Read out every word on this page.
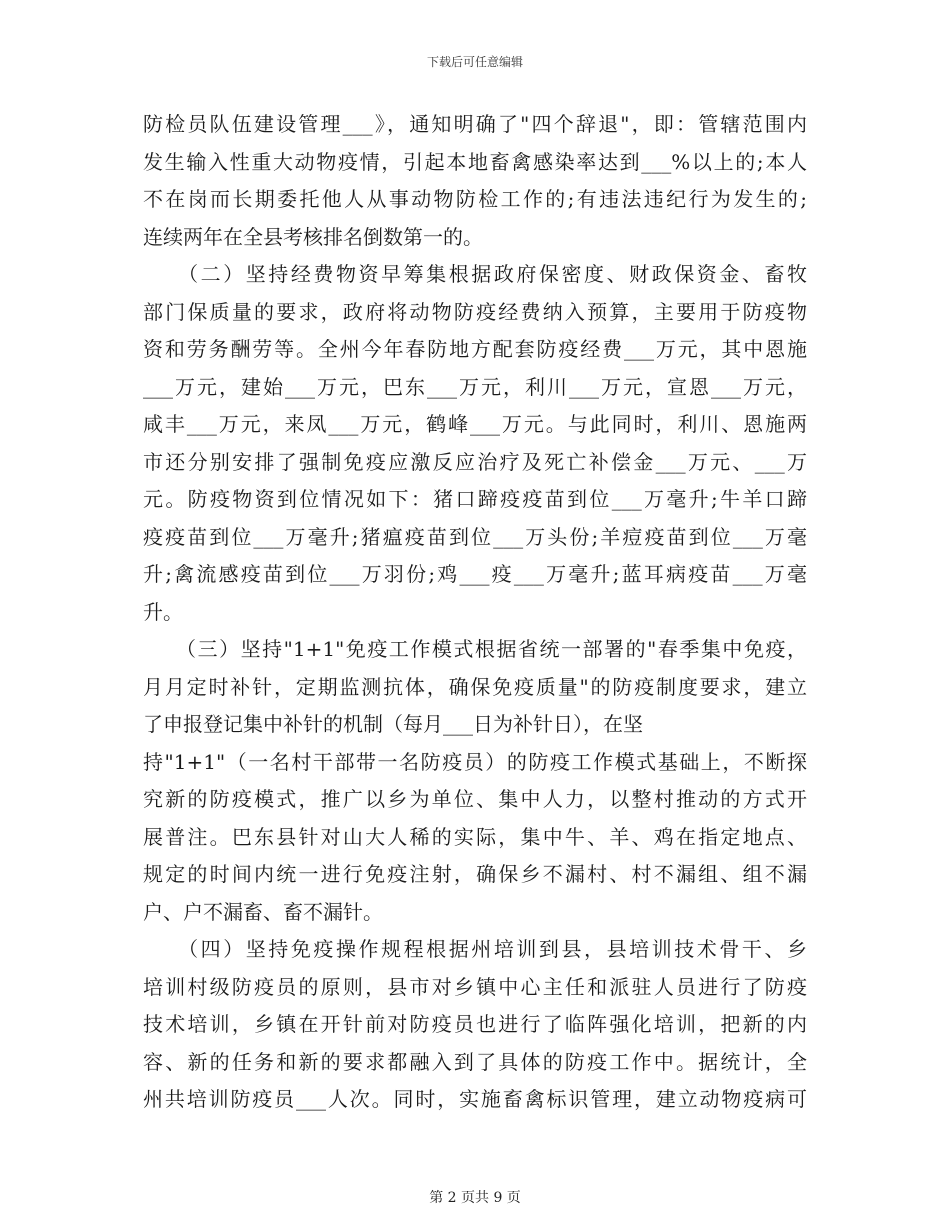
下载后可任意编辑

防检员队伍建设管理___》，通知明确了"四个辞退"，即：管辖范围内
发生输入性重大动物疫情，引起本地畜禽感染率达到___%以上的;本人
不在岗而长期委托他人从事动物防检工作的;有违法违纪行为发生的;
连续两年在全县考核排名倒数第一的。

　　（二）坚持经费物资早筹集根据政府保密度、财政保资金、畜牧
部门保质量的要求，政府将动物防疫经费纳入预算，主要用于防疫物
资和劳务酬劳等。全州今年春防地方配套防疫经费___万元，其中恩施
___万元，建始___万元，巴东___万元，利川___万元，宣恩___万元，
咸丰___万元，来凤___万元，鹤峰___万元。与此同时，利川、恩施两
市还分别安排了强制免疫应激反应治疗及死亡补偿金___万元、___万
元。防疫物资到位情况如下：猪口蹄疫疫苗到位___万毫升;牛羊口蹄
疫疫苗到位___万毫升;猪瘟疫苗到位___万头份;羊痘疫苗到位___万毫
升;禽流感疫苗到位___万羽份;鸡___疫___万毫升;蓝耳病疫苗___万毫
升。

　　（三）坚持"1+1"免疫工作模式根据省统一部署的"春季集中免疫，
月月定时补针，定期监测抗体，确保免疫质量"的防疫制度要求，建立
了申报登记集中补针的机制（每月___日为补针日），在坚
持"1+1"（一名村干部带一名防疫员）的防疫工作模式基础上，不断探
究新的防疫模式，推广以乡为单位、集中人力，以整村推动的方式开
展普注。巴东县针对山大人稀的实际，集中牛、羊、鸡在指定地点、
规定的时间内统一进行免疫注射，确保乡不漏村、村不漏组、组不漏
户、户不漏畜、畜不漏针。

　　（四）坚持免疫操作规程根据州培训到县，县培训技术骨干、乡
培训村级防疫员的原则，县市对乡镇中心主任和派驻人员进行了防疫
技术培训，乡镇在开针前对防疫员也进行了临阵强化培训，把新的内
容、新的任务和新的要求都融入到了具体的防疫工作中。据统计，全
州共培训防疫员___人次。同时，实施畜禽标识管理，建立动物疫病可

第 2 页共 9 页
